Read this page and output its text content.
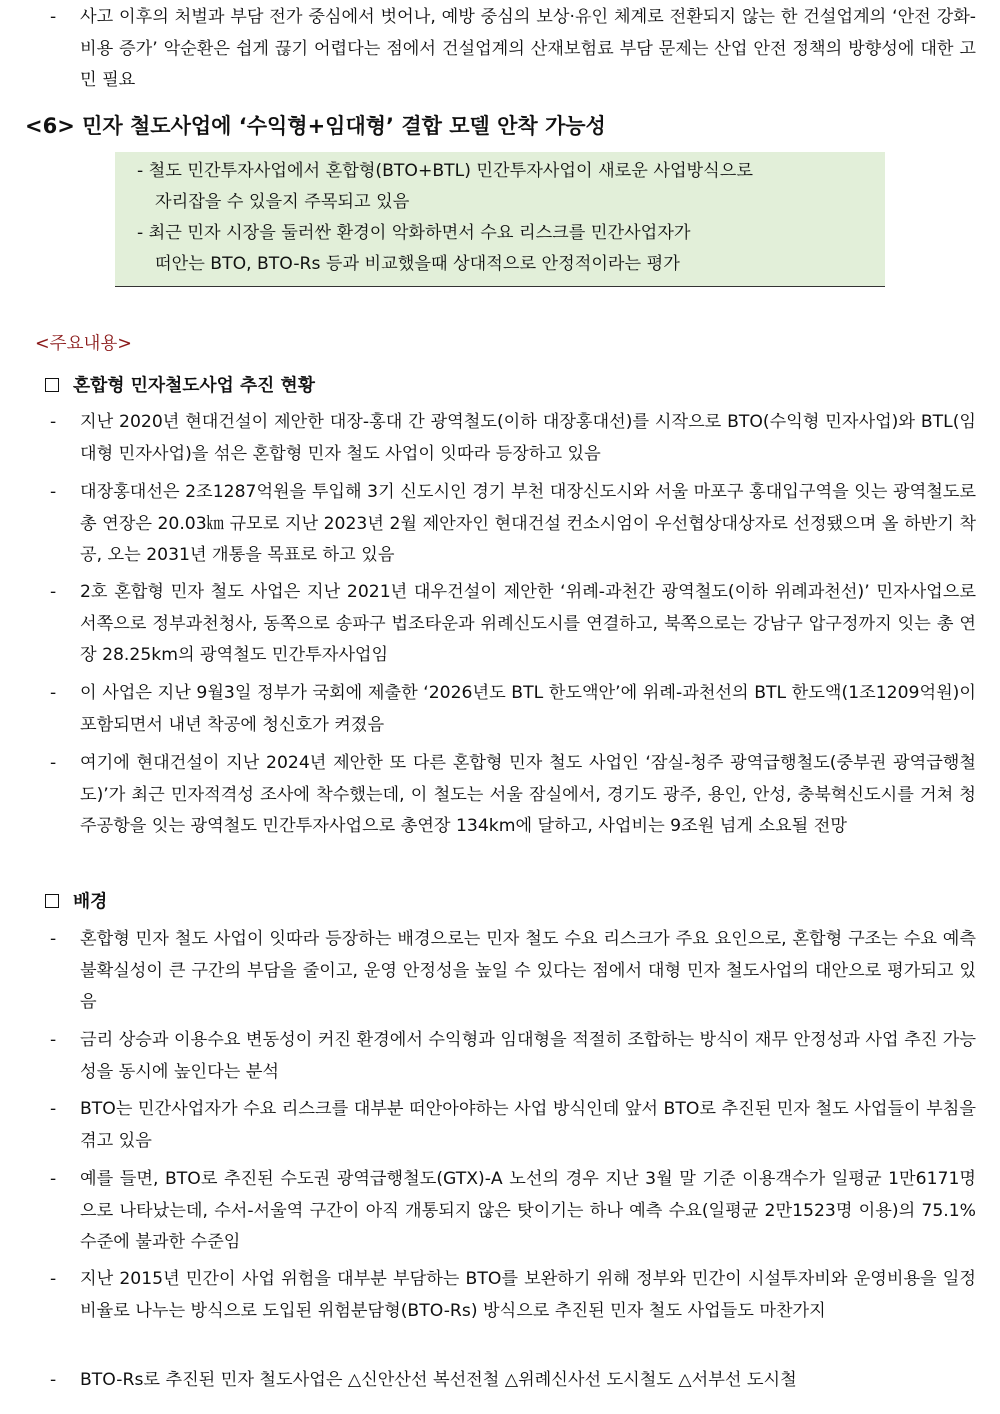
-	사고 이후의 처벌과 부담 전가 중심에서 벗어나, 예방 중심의 보상·유인 체계로 전환되지 않는 한 건설업계의 ‘안전 강화-비용 증가’ 악순환은 쉽게 끊기 어렵다는 점에서 건설업계의 산재보험료 부담 문제는 산업 안전 정책의 방향성에 대한 고민 필요
<6> 민자 철도사업에 ‘수익형+임대형’ 결합 모델 안착 가능성
- 철도 민간투자사업에서 혼합형(BTO+BTL) 민간투자사업이 새로운 사업방식으로
자리잡을 수 있을지 주목되고 있음
- 최근 민자 시장을 둘러싼 환경이 악화하면서 수요 리스크를 민간사업자가
떠안는 BTO, BTO-Rs 등과 비교했을때 상대적으로 안정적이라는 평가
<주요내용>
혼합형 민자철도사업 추진 현황
-	지난 2020년 현대건설이 제안한 대장-홍대 간 광역철도(이하 대장홍대선)를 시작으로 BTO(수익형 민자사업)와 BTL(임대형 민자사업)을 섞은 혼합형 민자 철도 사업이 잇따라 등장하고 있음
-	대장홍대선은 2조1287억원을 투입해 3기 신도시인 경기 부천 대장신도시와 서울 마포구 홍대입구역을 잇는 광역철도로 총 연장은 20.03㎞ 규모로 지난 2023년 2월 제안자인 현대건설 컨소시엄이 우선협상대상자로 선정됐으며 올 하반기 착공, 오는 2031년 개통을 목표로 하고 있음
-	2호 혼합형 민자 철도 사업은 지난 2021년 대우건설이 제안한 ‘위례-과천간 광역철도(이하 위례과천선)’ 민자사업으로 서쪽으로 정부과천청사, 동쪽으로 송파구 법조타운과 위례신도시를 연결하고, 북쪽으로는 강남구 압구정까지 잇는 총 연장 28.25km의 광역철도 민간투자사업임
-	이 사업은 지난 9월3일 정부가 국회에 제출한 ‘2026년도 BTL 한도액안’에 위례-과천선의 BTL 한도액(1조1209억원)이 포함되면서 내년 착공에 청신호가 켜졌음
-	여기에 현대건설이 지난 2024년 제안한 또 다른 혼합형 민자 철도 사업인 ‘잠실-청주 광역급행철도(중부권 광역급행철도)’가 최근 민자적격성 조사에 착수했는데, 이 철도는 서울 잠실에서, 경기도 광주, 용인, 안성, 충북혁신도시를 거쳐 청주공항을 잇는 광역철도 민간투자사업으로 총연장 134km에 달하고, 사업비는 9조원 넘게 소요될 전망
배경
-	혼합형 민자 철도 사업이 잇따라 등장하는 배경으로는 민자 철도 수요 리스크가 주요 요인으로, 혼합형 구조는 수요 예측 불확실성이 큰 구간의 부담을 줄이고, 운영 안정성을 높일 수 있다는 점에서 대형 민자 철도사업의 대안으로 평가되고 있음
-	금리 상승과 이용수요 변동성이 커진 환경에서 수익형과 임대형을 적절히 조합하는 방식이 재무 안정성과 사업 추진 가능성을 동시에 높인다는 분석
-	BTO는 민간사업자가 수요 리스크를 대부분 떠안아야하는 사업 방식인데 앞서 BTO로 추진된 민자 철도 사업들이 부침을 겪고 있음
-	예를 들면, BTO로 추진된 수도권 광역급행철도(GTX)-A 노선의 경우 지난 3월 말 기준 이용객수가 일평균 1만6171명으로 나타났는데, 수서-서울역 구간이 아직 개통되지 않은 탓이기는 하나 예측 수요(일평균 2만1523명 이용)의 75.1% 수준에 불과한 수준임
-	지난 2015년 민간이 사업 위험을 대부분 부담하는 BTO를 보완하기 위해 정부와 민간이 시설투자비와 운영비용을 일정 비율로 나누는 방식으로 도입된 위험분담형(BTO-Rs) 방식으로 추진된 민자 철도 사업들도 마찬가지
-	BTO-Rs로 추진된 민자 철도사업은 △신안산선 복선전철 △위례신사선 도시철도 △서부선 도시철
